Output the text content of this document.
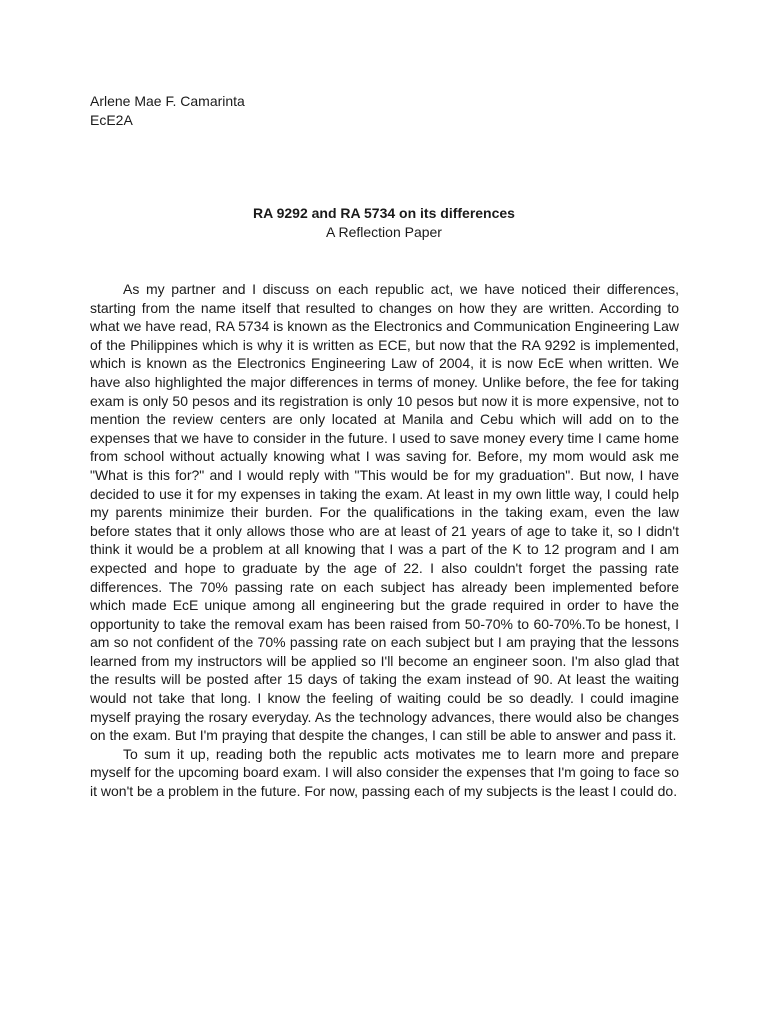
Arlene Mae F. Camarinta
EcE2A
RA 9292 and RA 5734 on its differences
A Reflection Paper

As my partner and I discuss on each republic act, we have noticed their differences, starting from the name itself that resulted to changes on how they are written. According to what we have read, RA 5734 is known as the Electronics and Communication Engineering Law of the Philippines which is why it is written as ECE, but now that the RA 9292 is implemented, which is known as the Electronics Engineering Law of 2004, it is now EcE when written. We have also highlighted the major differences in terms of money. Unlike before, the fee for taking exam is only 50 pesos and its registration is only 10 pesos but now it is more expensive, not to mention the review centers are only located at Manila and Cebu which will add on to the expenses that we have to consider in the future. I used to save money every time I came home from school without actually knowing what I was saving for. Before, my mom would ask me "What is this for?" and I would reply with "This would be for my graduation". But now, I have decided to use it for my expenses in taking the exam. At least in my own little way, I could help my parents minimize their burden. For the qualifications in the taking exam, even the law before states that it only allows those who are at least of 21 years of age to take it, so I didn't think it would be a problem at all knowing that I was a part of the K to 12 program and I am expected and hope to graduate by the age of 22. I also couldn't forget the passing rate differences. The 70% passing rate on each subject has already been implemented before which made EcE unique among all engineering but the grade required in order to have the opportunity to take the removal exam has been raised from 50-70% to 60-70%.To be honest, I am so not confident of the 70% passing rate on each subject but I am praying that the lessons learned from my instructors will be applied so I'll become an engineer soon. I'm also glad that the results will be posted after 15 days of taking the exam instead of 90. At least the waiting would not take that long. I know the feeling of waiting could be so deadly. I could imagine myself praying the rosary everyday. As the technology advances, there would also be changes on the exam. But I'm praying that despite the changes, I can still be able to answer and pass it.

To sum it up, reading both the republic acts motivates me to learn more and prepare myself for the upcoming board exam. I will also consider the expenses that I'm going to face so it won't be a problem in the future. For now, passing each of my subjects is the least I could do.
